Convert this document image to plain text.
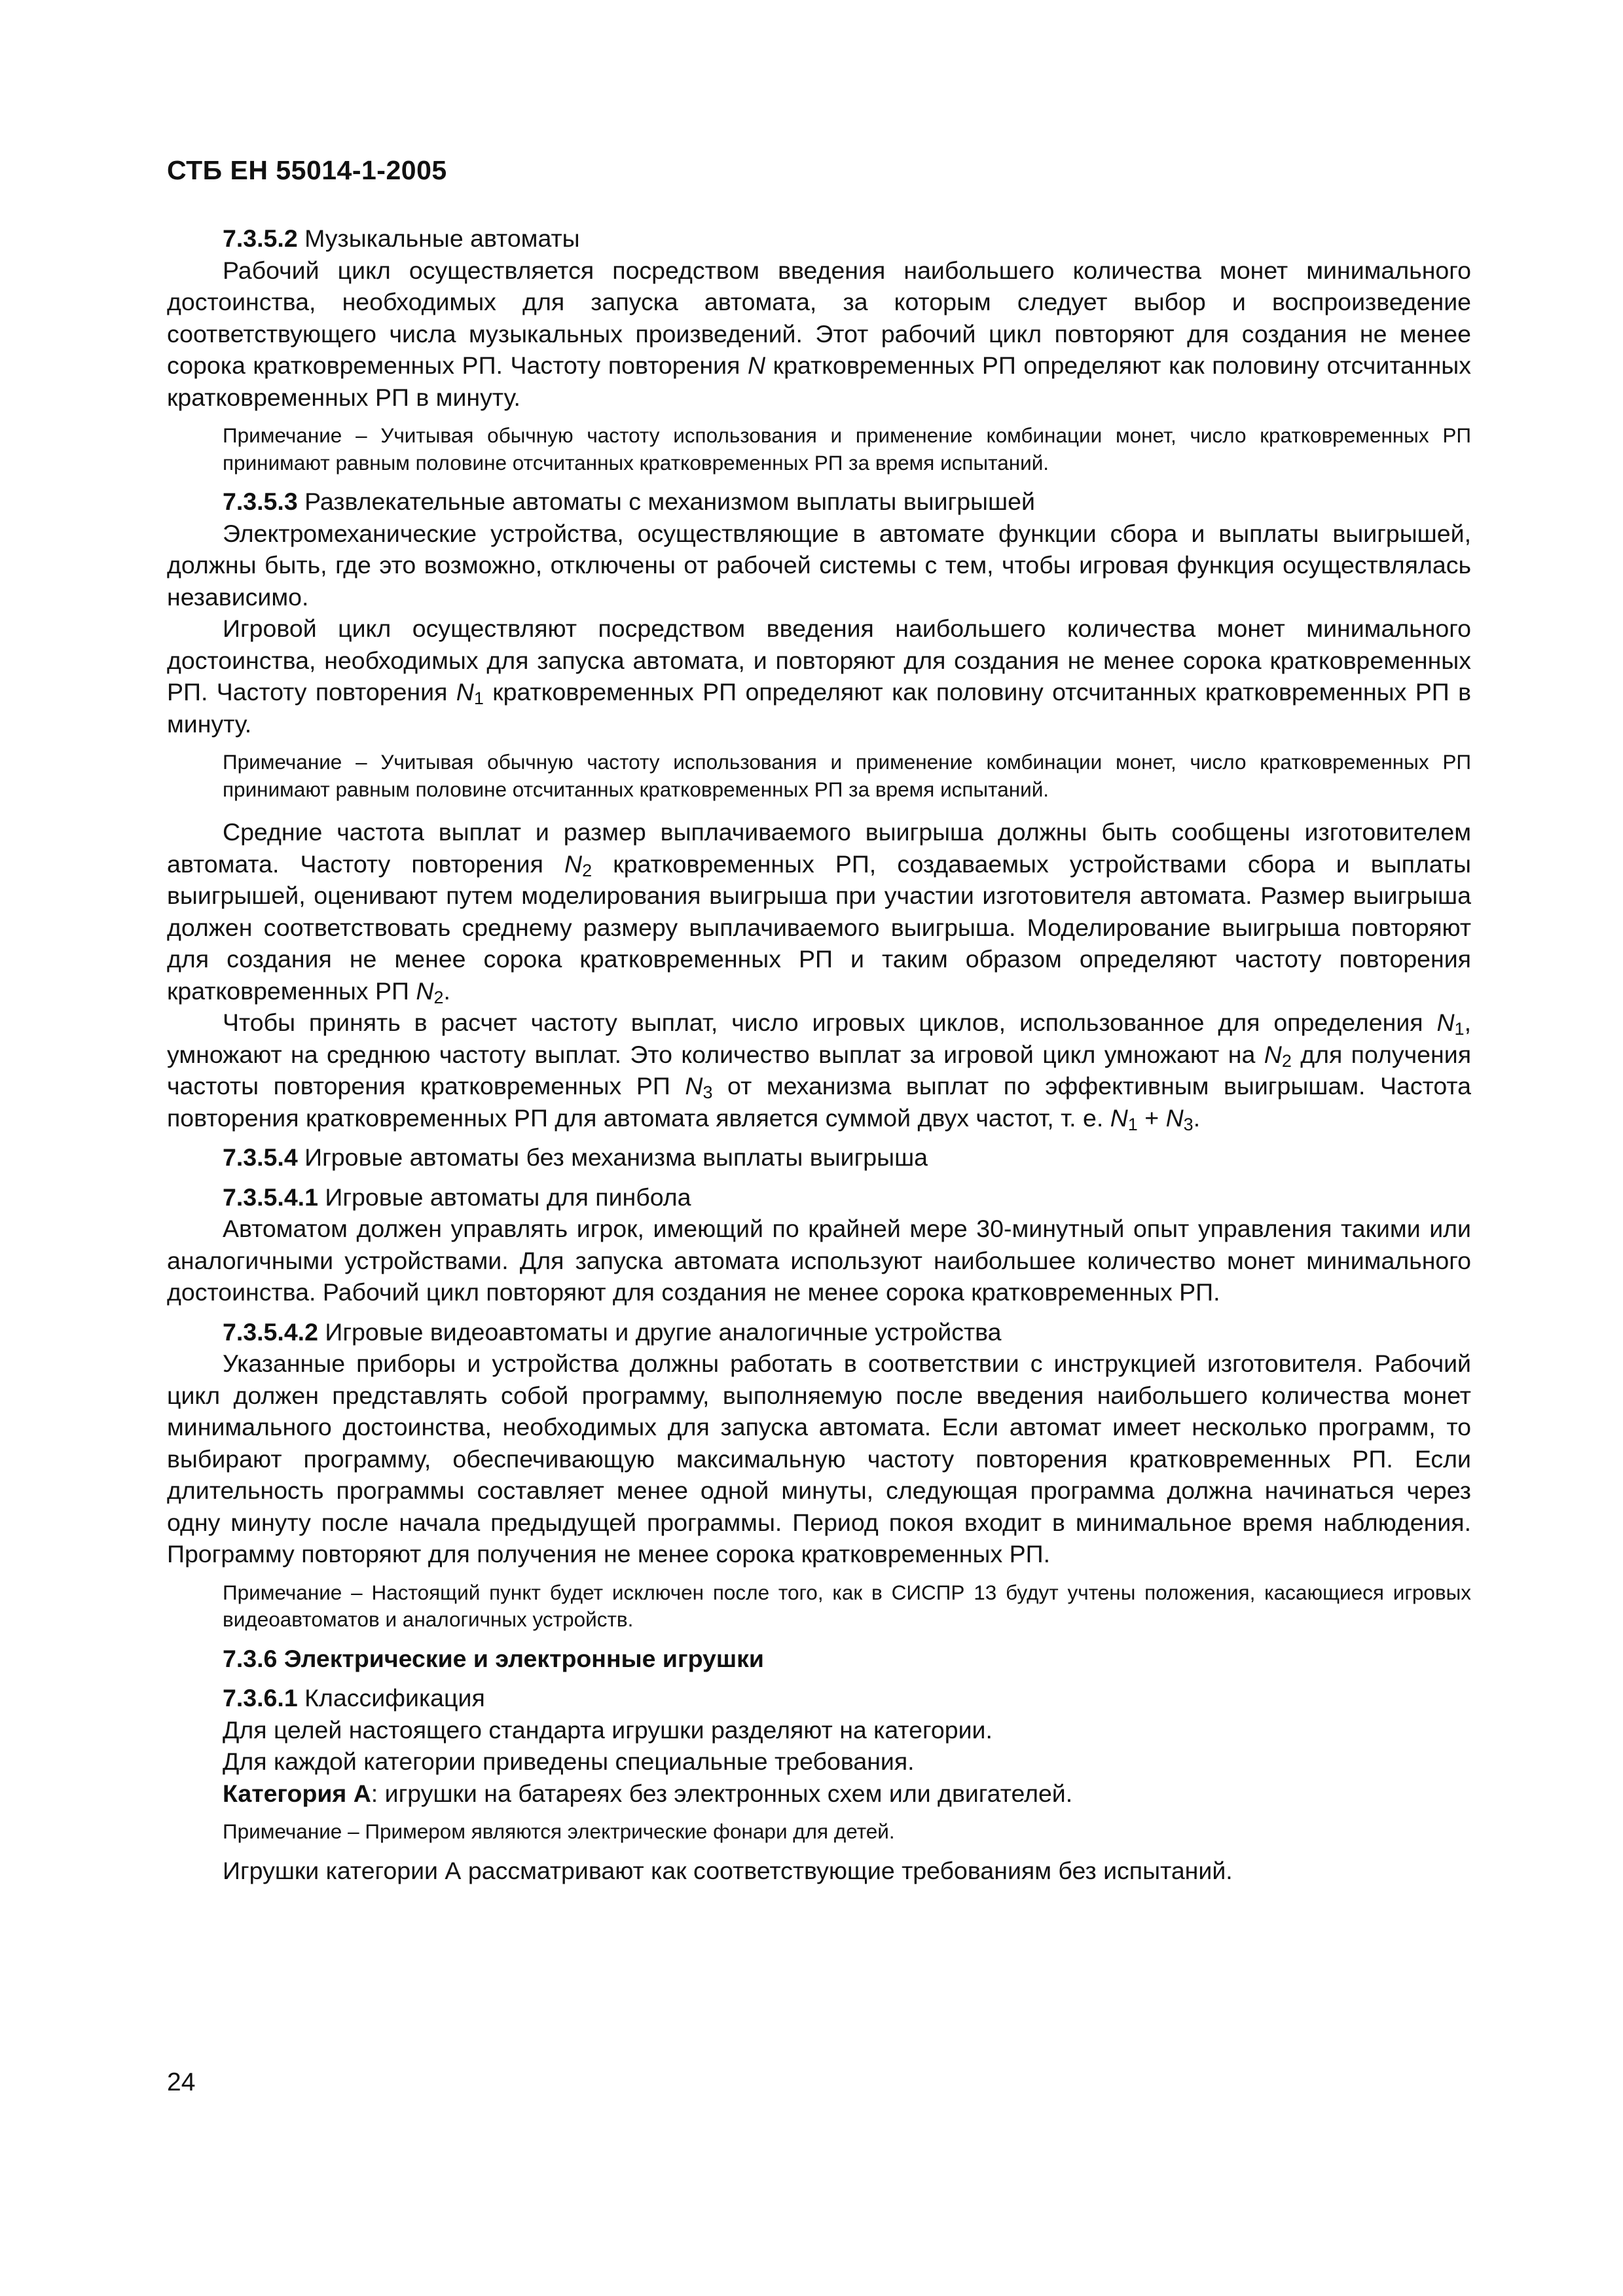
СТБ ЕН 55014-1-2005

7.3.5.2 Музыкальные автоматы

Рабочий цикл осуществляется посредством введения наибольшего количества монет минимального достоинства, необходимых для запуска автомата, за которым следует выбор и воспроизведение соответствующего числа музыкальных произведений. Этот рабочий цикл повторяют для создания не менее сорока кратковременных РП. Частоту повторения N кратковременных РП определяют как половину отсчитанных кратковременных РП в минуту.

Примечание – Учитывая обычную частоту использования и применение комбинации монет, число кратковременных РП принимают равным половине отсчитанных кратковременных РП за время испытаний.

7.3.5.3 Развлекательные автоматы с механизмом выплаты выигрышей

Электромеханические устройства, осуществляющие в автомате функции сбора и выплаты выигрышей, должны быть, где это возможно, отключены от рабочей системы с тем, чтобы игровая функция осуществлялась независимо.

Игровой цикл осуществляют посредством введения наибольшего количества монет минимального достоинства, необходимых для запуска автомата, и повторяют для создания не менее сорока кратковременных РП. Частоту повторения $N_1$ кратковременных РП определяют как половину отсчитанных кратковременных РП в минуту.

Примечание – Учитывая обычную частоту использования и применение комбинации монет, число кратковременных РП принимают равным половине отсчитанных кратковременных РП за время испытаний.

Средние частота выплат и размер выплачиваемого выигрыша должны быть сообщены изготовителем автомата. Частоту повторения $N_2$ кратковременных РП, создаваемых устройствами сбора и выплаты выигрышей, оценивают путем моделирования выигрыша при участии изготовителя автомата. Размер выигрыша должен соответствовать среднему размеру выплачиваемого выигрыша. Моделирование выигрыша повторяют для создания не менее сорока кратковременных РП и таким образом определяют частоту повторения кратковременных РП $N_2$.

Чтобы принять в расчет частоту выплат, число игровых циклов, использованное для определения $N_1$, умножают на среднюю частоту выплат. Это количество выплат за игровой цикл умножают на $N_2$ для получения частоты повторения кратковременных РП $N_3$ от механизма выплат по эффективным выигрышам. Частота повторения кратковременных РП для автомата является суммой двух частот, т. е. $N_1 + N_3$.

7.3.5.4 Игровые автоматы без механизма выплаты выигрыша

7.3.5.4.1 Игровые автоматы для пинбола

Автоматом должен управлять игрок, имеющий по крайней мере 30-минутный опыт управления такими или аналогичными устройствами. Для запуска автомата используют наибольшее количество монет минимального достоинства. Рабочий цикл повторяют для создания не менее сорока кратковременных РП.

7.3.5.4.2 Игровые видеоавтоматы и другие аналогичные устройства

Указанные приборы и устройства должны работать в соответствии с инструкцией изготовителя. Рабочий цикл должен представлять собой программу, выполняемую после введения наибольшего количества монет минимального достоинства, необходимых для запуска автомата. Если автомат имеет несколько программ, то выбирают программу, обеспечивающую максимальную частоту повторения кратковременных РП. Если длительность программы составляет менее одной минуты, следующая программа должна начинаться через одну минуту после начала предыдущей программы. Период покоя входит в минимальное время наблюдения. Программу повторяют для получения не менее сорока кратковременных РП.

Примечание – Настоящий пункт будет исключен после того, как в СИСПР 13 будут учтены положения, касающиеся игровых видеоавтоматов и аналогичных устройств.

7.3.6 Электрические и электронные игрушки

7.3.6.1 Классификация

Для целей настоящего стандарта игрушки разделяют на категории.

Для каждой категории приведены специальные требования.

Категория А: игрушки на батареях без электронных схем или двигателей.

Примечание – Примером являются электрические фонари для детей.

Игрушки категории А рассматривают как соответствующие требованиям без испытаний.

24
